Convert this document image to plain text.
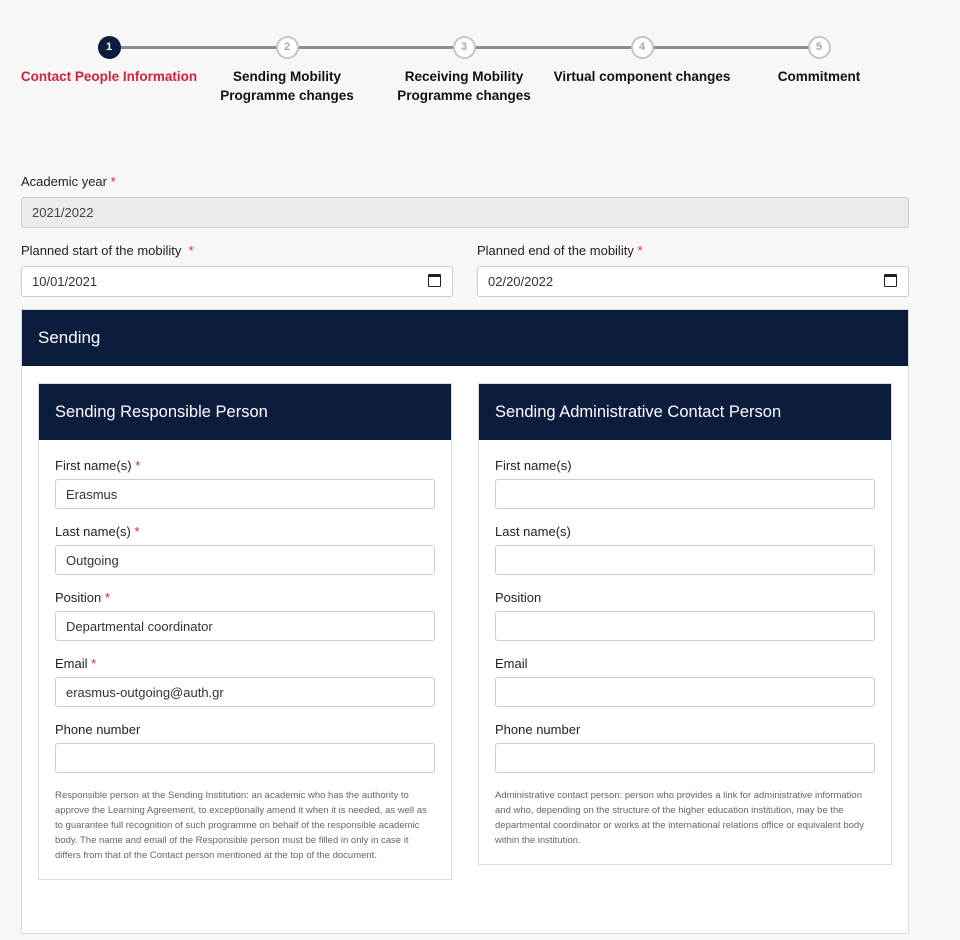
1
Contact People Information
2
Sending Mobility Programme changes
3
Receiving Mobility Programme changes
4
Virtual component changes
5
Commitment
Academic year *
2021/2022
Planned start of the mobility *
10/01/2021
Planned end of the mobility *
02/20/2022
Sending
Sending Responsible Person
First name(s) *
Erasmus
Last name(s) *
Outgoing
Position *
Departmental coordinator
Email *
erasmus-outgoing@auth.gr
Phone number

Responsible person at the Sending Institution: an academic who has the authority to approve the Learning Agreement, to exceptionally amend it when it is needed, as well as to guarantee full recognition of such programme on behalf of the responsible academic body. The name and email of the Responsible person must be filled in only in case it differs from that of the Contact person mentioned at the top of the document.

Sending Administrative Contact Person
First name(s)
Last name(s)
Position
Email
Phone number

Administrative contact person: person who provides a link for administrative information and who, depending on the structure of the higher education institution, may be the departmental coordinator or works at the international relations office or equivalent body within the institution.
